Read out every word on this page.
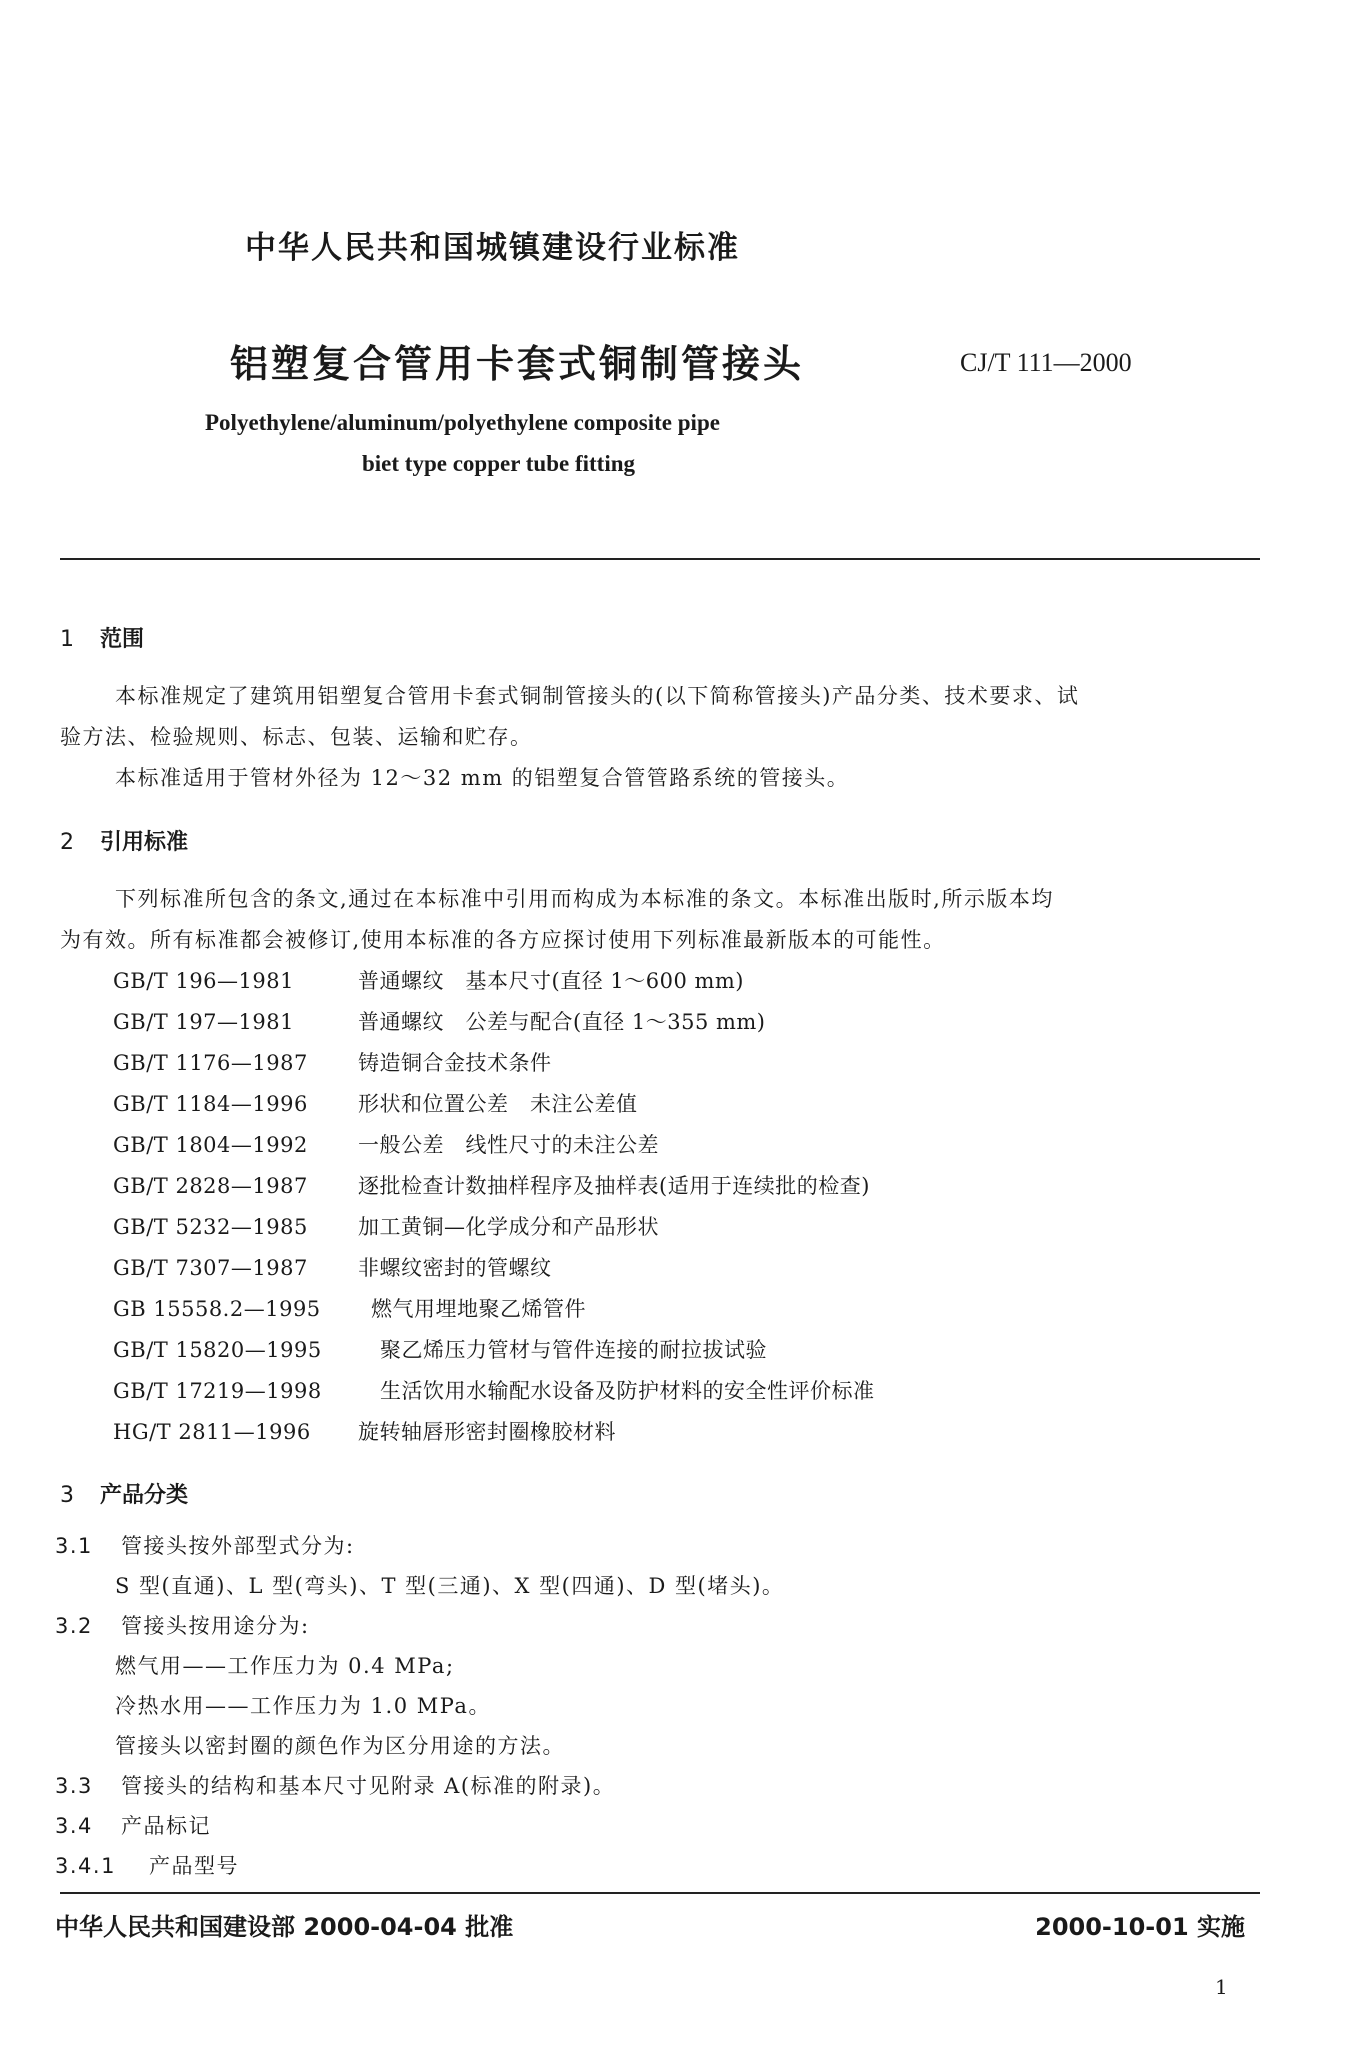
中华人民共和国城镇建设行业标准
铝塑复合管用卡套式铜制管接头	CJ/T 111—2000
Polyethylene/aluminum/polyethylene composite pipe
biet type copper tube fitting
1 范围
本标准规定了建筑用铝塑复合管用卡套式铜制管接头的(以下简称管接头)产品分类、技术要求、试
验方法、检验规则、标志、包装、运输和贮存。
本标准适用于管材外径为 12～32 mm 的铝塑复合管管路系统的管接头。
2 引用标准
下列标准所包含的条文,通过在本标准中引用而构成为本标准的条文。本标准出版时,所示版本均
为有效。所有标准都会被修订,使用本标准的各方应探讨使用下列标准最新版本的可能性。
GB/T 196—1981	普通螺纹　基本尺寸(直径 1～600 mm)
GB/T 197—1981	普通螺纹　公差与配合(直径 1～355 mm)
GB/T 1176—1987 铸造铜合金技术条件
GB/T 1184—1996 形状和位置公差　未注公差值
GB/T 1804—1992 一般公差　线性尺寸的未注公差
GB/T 2828—1987 逐批检查计数抽样程序及抽样表(适用于连续批的检查)
GB/T 5232—1985 加工黄铜—化学成分和产品形状
GB/T 7307—1987 非螺纹密封的管螺纹
GB 15558.2—1995 燃气用埋地聚乙烯管件
GB/T 15820—1995	聚乙烯压力管材与管件连接的耐拉拔试验
GB/T 17219—1998	生活饮用水输配水设备及防护材料的安全性评价标准
HG/T 2811—1996 旋转轴唇形密封圈橡胶材料
3 产品分类
3.1 管接头按外部型式分为:
S 型(直通)、L 型(弯头)、T 型(三通)、X 型(四通)、D 型(堵头)。
3.2 管接头按用途分为:
燃气用——工作压力为 0.4 MPa;
冷热水用——工作压力为 1.0 MPa。
管接头以密封圈的颜色作为区分用途的方法。
3.3 管接头的结构和基本尺寸见附录 A(标准的附录)。
3.4 产品标记
3.4.1 产品型号
中华人民共和国建设部 2000-04-04 批准	2000-10-01 实施
1
